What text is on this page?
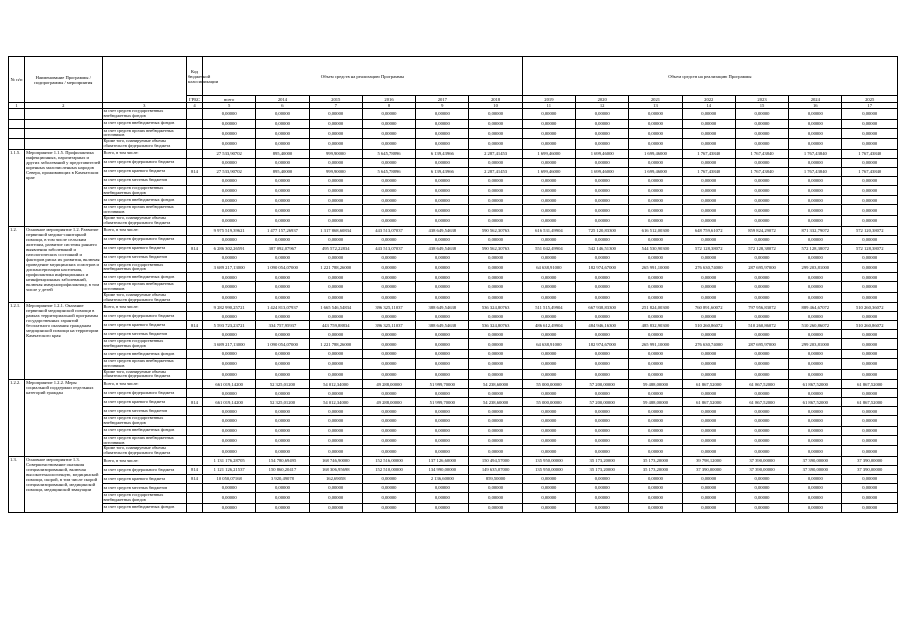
№ п/п	Наименование Программы / подпрограммы / мероприятия		Код бюджетной классификации	Объем средств на реализацию Программы						Объем средств на реализацию Программы						
			ГРБС	всего	2014	2015	2016	2017	2018	2019	2020	2021	2022	2023	2024	2025
1	2	3	4	5	6	7	8	9	10	11	12	13	14	15	16	17
		за счет средств государственных внебюджетных фондов		0,00000	0,00000	0,00000	0,00000	0,00000	0,00000	0,00000	0,00000	0,00000	0,00000	0,00000	0,00000	0,00000
		за счет средств внебюджетных фондов		0,00000	0,00000	0,00000	0,00000	0,00000	0,00000	0,00000	0,00000	0,00000	0,00000	0,00000	0,00000	0,00000
		за счет средств прочих внебюджетных источников		0,00000	0,00000	0,00000	0,00000	0,00000	0,00000	0,00000	0,00000	0,00000	0,00000	0,00000	0,00000	0,00000
		Кроме того, планируемые объемы обязательств федерального бюджета		0,00000	0,00000	0,00000	0,00000	0,00000	0,00000	0,00000	0,00000	0,00000	0,00000	0,00000	0,00000	0,00000
1.1.5.	Мероприятие 1.1.5. Профилактика инфекционных, паразитарных и других заболеваний у представителей коренных малочисленных народов Севера, проживающих в Камчатском крае	Всего, в том числе:		27 533,90702	895,40000	999,90000	5 645,78896	6 139,43966	2 287,41453	1 699,46000	1 699,46000	1 699,46000	1 767,43840	1 767,43840	1 767,43840	1 767,43840
		за счет средств федерального бюджета		0,00000	0,00000	0,00000	0,00000	0,00000	0,00000	0,00000	0,00000	0,00000	0,00000	0,00000	0,00000	0,00000
		за счет средств краевого бюджета	814	27 533,90702	895,40000	999,90000	5 645,78896	6 139,43966	2 287,41453	1 699,46000	1 699,46000	1 699,46000	1 767,43840	1 767,43840	1 767,43840	1 767,43840
		за счет средств местных бюджетов		0,00000	0,00000	0,00000	0,00000	0,00000	0,00000	0,00000	0,00000	0,00000	0,00000	0,00000	0,00000	0,00000
		за счет средств государственных внебюджетных фондов		0,00000	0,00000	0,00000	0,00000	0,00000	0,00000	0,00000	0,00000	0,00000	0,00000	0,00000	0,00000	0,00000
		за счет средств внебюджетных фондов		0,00000	0,00000	0,00000	0,00000	0,00000	0,00000	0,00000	0,00000	0,00000	0,00000	0,00000	0,00000	0,00000
		за счет средств прочих внебюджетных источников		0,00000	0,00000	0,00000	0,00000	0,00000	0,00000	0,00000	0,00000	0,00000	0,00000	0,00000	0,00000	0,00000
		Кроме того, планируемые объемы обязательств федерального бюджета		0,00000	0,00000	0,00000	0,00000	0,00000	0,00000	0,00000	0,00000	0,00000	0,00000	0,00000	0,00000	0,00000
1.2.	Основное мероприятие 1.2. Развитие первичной медико-санитарной помощи, в том числе сельским жителям, развитие системы раннего выявления заболеваний и патологических состояний и факторов риска их развития, включая проведение медицинских осмотров и диспансеризации населения, профилактика инфекционных и неинфекционных заболеваний, включая иммунопрофилактику, в том числе у детей	Всего, в том числе:		9 975 519,39621	1 477 157,26937	1 317 868,60834	443 513,07037	438 649,54638	590 562,30763	616 531,49904	725 120,83300	616 512,00300	648 759,61072	859 824,29072	871 332,79072	572 120,38072
		за счет средств федерального бюджета		0,00000	0,00000	0,00000	0,00000	0,00000	0,00000	0,00000	0,00000	0,00000	0,00000	0,00000	0,00000	0,00000
		за счет средств краевого бюджета	814	6 286 302,26591	387 092,07967	495 572,22834	443 513,07037	438 649,54638	590 562,30763	551 042,49904	542 146,51300	544 530,90300	572 128,38072	572 128,38072	572 128,38072	572 128,38072
		за счет средств местных бюджетов		0,00000	0,00000	0,00000	0,00000	0,00000	0,00000	0,00000	0,00000	0,00000	0,00000	0,00000	0,00000	0,00000
		за счет средств государственных внебюджетных фондов		3 689 217,13000	1 090 054,07000	1 221 788,26000	0,00000	0,00000	0,00000	64 638,91000	182 974,67000	265 991,10000	276 630,74000	287 695,97000	299 203,81000	0,00000
		за счет средств внебюджетных фондов		0,00000	0,00000	0,00000	0,00000	0,00000	0,00000	0,00000	0,00000	0,00000	0,00000	0,00000	0,00000	0,00000
		за счет средств прочих внебюджетных источников		0,00000	0,00000	0,00000	0,00000	0,00000	0,00000	0,00000	0,00000	0,00000	0,00000	0,00000	0,00000	0,00000
		Кроме того, планируемые объемы обязательств федерального бюджета		0,00000	0,00000	0,00000	0,00000	0,00000	0,00000	0,00000	0,00000	0,00000	0,00000	0,00000	0,00000	0,00000
1.2.1.	Мероприятие 1.2.1. Оказание первичной медицинской помощи в рамках территориальной программы государственных гарантий бесплатного оказания гражданам медицинской помощи на территории Камчатского края	Всего, в том числе:		9 282 990,25721	1 424 813,07937	1 665 546,54834	396 325,11037	388 649,54638	536 324,80763	511 515,49904	667 938,83300	251 824,00300	760 891,60072	797 956,83072	889 464,67072	510 260,36072
		за счет средств федерального бюджета		0,00000	0,00000	0,00000	0,00000	0,00000	0,00000	0,00000	0,00000	0,00000	0,00000	0,00000	0,00000	0,00000
		за счет средств краевого бюджета	814	5 593 723,23721	334 757,95937	443 759,88834	396 325,11037	388 649,54638	536 324,80763	486 612,49904	484 946,16300	485 832,90300	510 260,86072	510 260,86072	510 260,86072	510 260,86072
		за счет средств местных бюджетов		0,00000	0,00000	0,00000	0,00000	0,00000	0,00000	0,00000	0,00000	0,00000	0,00000	0,00000	0,00000	0,00000
		за счет средств государственных внебюджетных фондов		3 689 217,13000	1 090 054,07000	1 221 788,26000	0,00000	0,00000	0,00000	64 638,91000	182 974,67000	265 991,10000	276 630,74000	287 695,97000	299 203,81000	0,00000
		за счет средств внебюджетных фондов		0,00000	0,00000	0,00000	0,00000	0,00000	0,00000	0,00000	0,00000	0,00000	0,00000	0,00000	0,00000	0,00000
		за счет средств прочих внебюджетных источников		0,00000	0,00000	0,00000	0,00000	0,00000	0,00000	0,00000	0,00000	0,00000	0,00000	0,00000	0,00000	0,00000
		Кроме того, планируемые объемы обязательств федерального бюджета		0,00000	0,00000	0,00000	0,00000	0,00000	0,00000	0,00000	0,00000	0,00000	0,00000	0,00000	0,00000	0,00000
1.2.2.	Мероприятие 1.2.2. Меры социальной поддержки отдельных категорий граждан	Всего, в том числе:		661 019,14200	52 325,01200	54 012,34000	49 288,00000	51 999,70000	54 238,60000	55 000,00000	57 200,00000	59 488,00000	61 867,52000	61 867,52000	61 867,52000	61 867,52000
		за счет средств федерального бюджета		0,00000	0,00000	0,00000	0,00000	0,00000	0,00000	0,00000	0,00000	0,00000	0,00000	0,00000	0,00000	0,00000
		за счет средств краевого бюджета	814	661 019,14200	52 325,01200	54 012,34000	49 288,00000	51 999,70000	54 238,60000	55 000,00000	57 200,00000	59 488,00000	61 867,52000	61 867,52000	61 867,52000	61 867,52000
		за счет средств местных бюджетов		0,00000	0,00000	0,00000	0,00000	0,00000	0,00000	0,00000	0,00000	0,00000	0,00000	0,00000	0,00000	0,00000
		за счет средств государственных внебюджетных фондов		0,00000	0,00000	0,00000	0,00000	0,00000	0,00000	0,00000	0,00000	0,00000	0,00000	0,00000	0,00000	0,00000
		за счет средств внебюджетных фондов		0,00000	0,00000	0,00000	0,00000	0,00000	0,00000	0,00000	0,00000	0,00000	0,00000	0,00000	0,00000	0,00000
		за счет средств прочих внебюджетных источников		0,00000	0,00000	0,00000	0,00000	0,00000	0,00000	0,00000	0,00000	0,00000	0,00000	0,00000	0,00000	0,00000
		Кроме того, планируемые объемы обязательств федерального бюджета		0,00000	0,00000	0,00000	0,00000	0,00000	0,00000	0,00000	0,00000	0,00000	0,00000	0,00000	0,00000	0,00000
1.3.	Основное мероприятие 1.3. Совершенствование оказания специализированной, включая высокотехнологичную, медицинской помощи, скорой, в том числе скорой специализированной, медицинской помощи, медицинской эвакуации	Всего, в том числе:		1 131 176,28705	154 780,69495	168 746,90000	152 516,00000	137 126,60000	150 494,57000	135 950,00000	35 173,20000	35 173,20000	39 798,12000	37 390,00000	37 390,00000	37 390,00000
		за счет средств федерального бюджета	814	1 121 126,21537	150 860,20417	168 306,95698	152 510,00000	134 990,00000	149 635,07000	135 950,00000	35 173,20000	35 173,20000	37 390,00000	37 390,00000	37 390,00000	37 390,00000
		за счет средств краевого бюджета	814	10 050,07168	3 920,49078	162,69058	0,00000	2 136,60000	859,50000	0,00000	0,00000	0,00000	0,00000	0,00000	0,00000	0,00000
		за счет средств местных бюджетов		0,00000	0,00000	0,00000	0,00000	0,00000	0,00000	0,00000	0,00000	0,00000	0,00000	0,00000	0,00000	0,00000
		за счет средств государственных внебюджетных фондов		0,00000	0,00000	0,00000	0,00000	0,00000	0,00000	0,00000	0,00000	0,00000	0,00000	0,00000	0,00000	0,00000
		за счет средств внебюджетных фондов		0,00000	0,00000	0,00000	0,00000	0,00000	0,00000	0,00000	0,00000	0,00000	0,00000	0,00000	0,00000	0,00000
